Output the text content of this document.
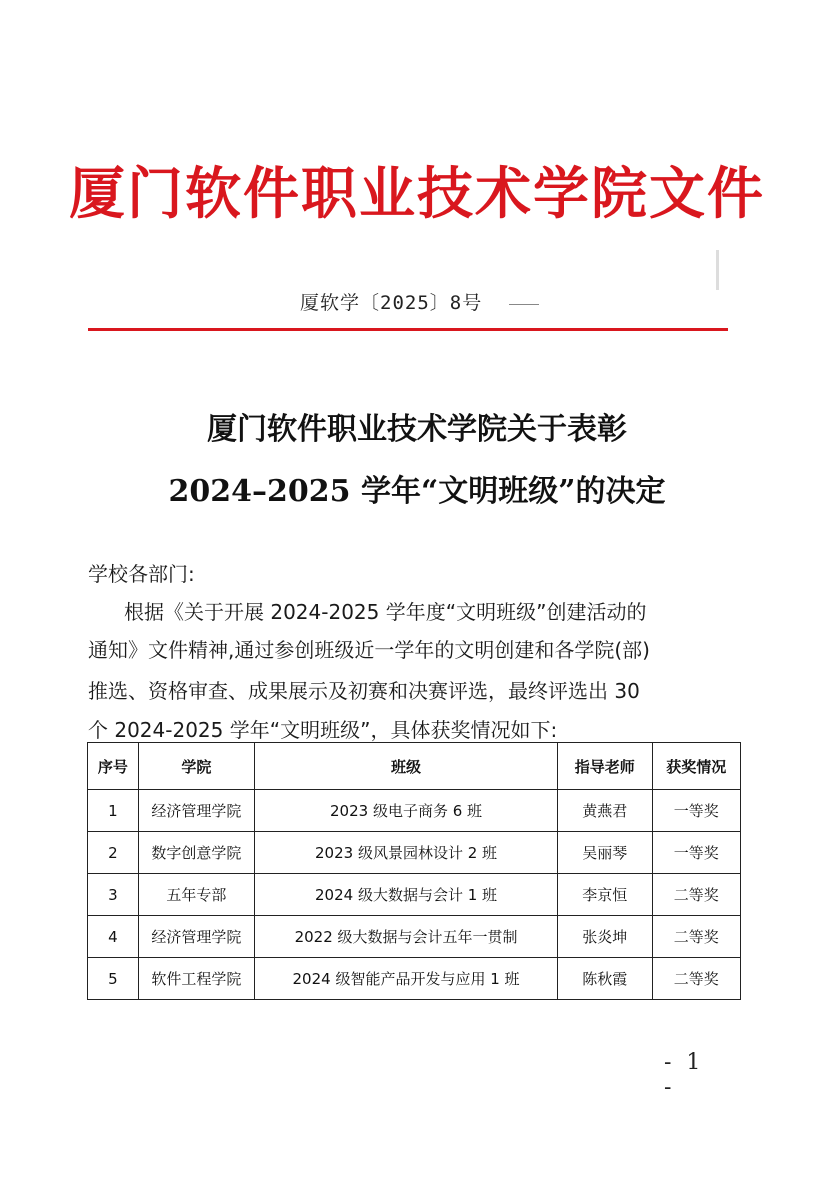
厦门软件职业技术学院文件
厦软学〔2025〕8号
厦门软件职业技术学院关于表彰
2024–2025 学年“文明班级”的决定
学校各部门:
根据《关于开展 2024-2025 学年度“文明班级”创建活动的
通知》文件精神,通过参创班级近一学年的文明创建和各学院(部)
推选、资格审查、成果展示及初赛和决赛评选，最终评选出 30
个 2024-2025 学年“文明班级”，具体获奖情况如下:
序号	学院	班级	指导老师	获奖情况
1	经济管理学院	2023 级电子商务 6 班	黄燕君	一等奖
2	数字创意学院	2023 级风景园林设计 2 班	吴丽琴	一等奖
3	五年专部	2024 级大数据与会计 1 班	李京恒	二等奖
4	经济管理学院	2022 级大数据与会计五年一贯制	张炎坤	二等奖
5	软件工程学院	2024 级智能产品开发与应用 1 班	陈秋霞	二等奖
- 1 -
